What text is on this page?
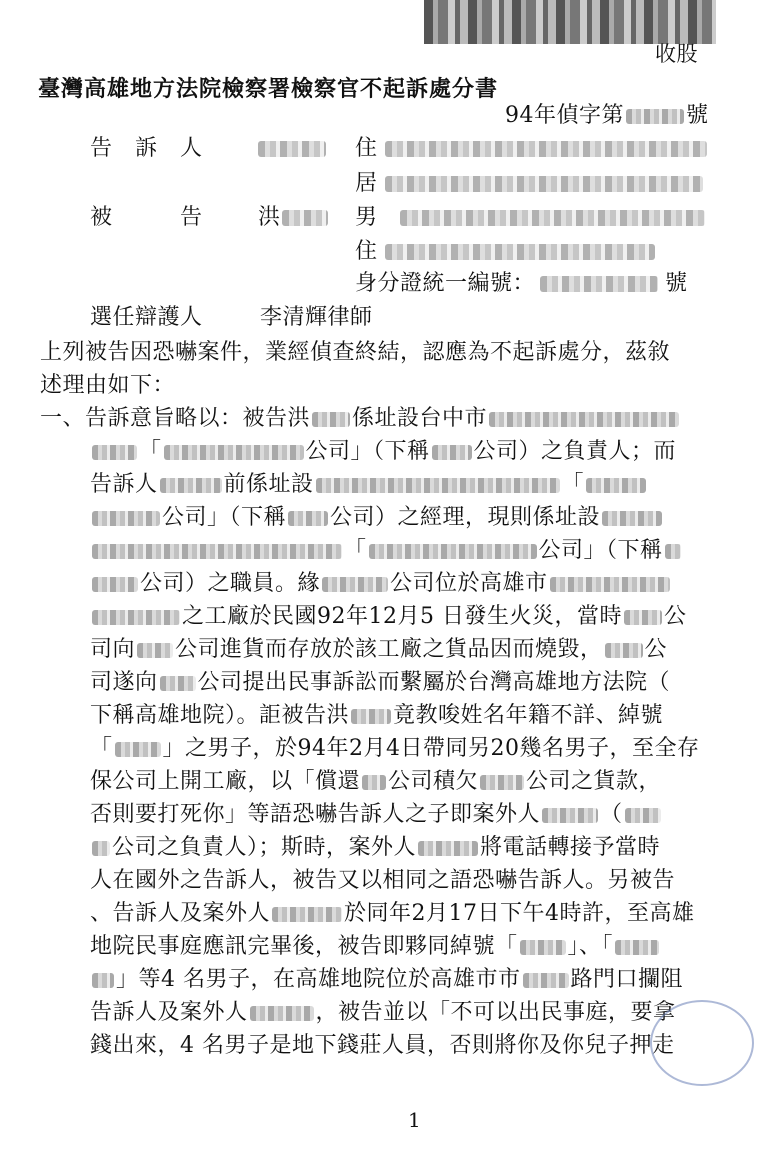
收股
臺灣高雄地方法院檢察署檢察官不起訴處分書
94年偵字第	號
告　訴　人	住
居
被　　　告	洪	男
住
身分證統一編號：	號
選任辯護人	李清輝律師
上列被告因恐嚇案件，業經偵查終結，認應為不起訴處分，茲敘
述理由如下：
一、告訴意旨略以：被告洪 係址設台中市
「	公司」（下稱 公司）之負責人；而
告訴人	前係址設	「
公司」（下稱 公司）之經理，現則係址設
「	公司」（下稱
公司）之職員。緣	公司位於高雄市
之工廠於民國92年12月5 日發生火災，當時 公
司向 公司進貨而存放於該工廠之貨品因而燒毀， 公
司遂向 公司提出民事訴訟而繫屬於台灣高雄地方法院（
下稱高雄地院）。詎被告洪 竟教唆姓名年籍不詳、綽號
「 」之男子，於94年2月4日帶同另20幾名男子，至全存
保公司上開工廠，以「償還 公司積欠 公司之貨款，
否則要打死你」等語恐嚇告訴人之子即案外人	（
公司之負責人）；斯時，案外人	將電話轉接予當時
人在國外之告訴人，被告又以相同之語恐嚇告訴人。另被告
、告訴人及案外人	於同年2月17日下午4時許，至高雄
地院民事庭應訊完畢後，被告即夥同綽號「 」、「
」等4 名男子，在高雄地院位於高雄市市 路門口攔阻
告訴人及案外人	，被告並以「不可以出民事庭，要拿
錢出來，4 名男子是地下錢莊人員，否則將你及你兒子押走
1
